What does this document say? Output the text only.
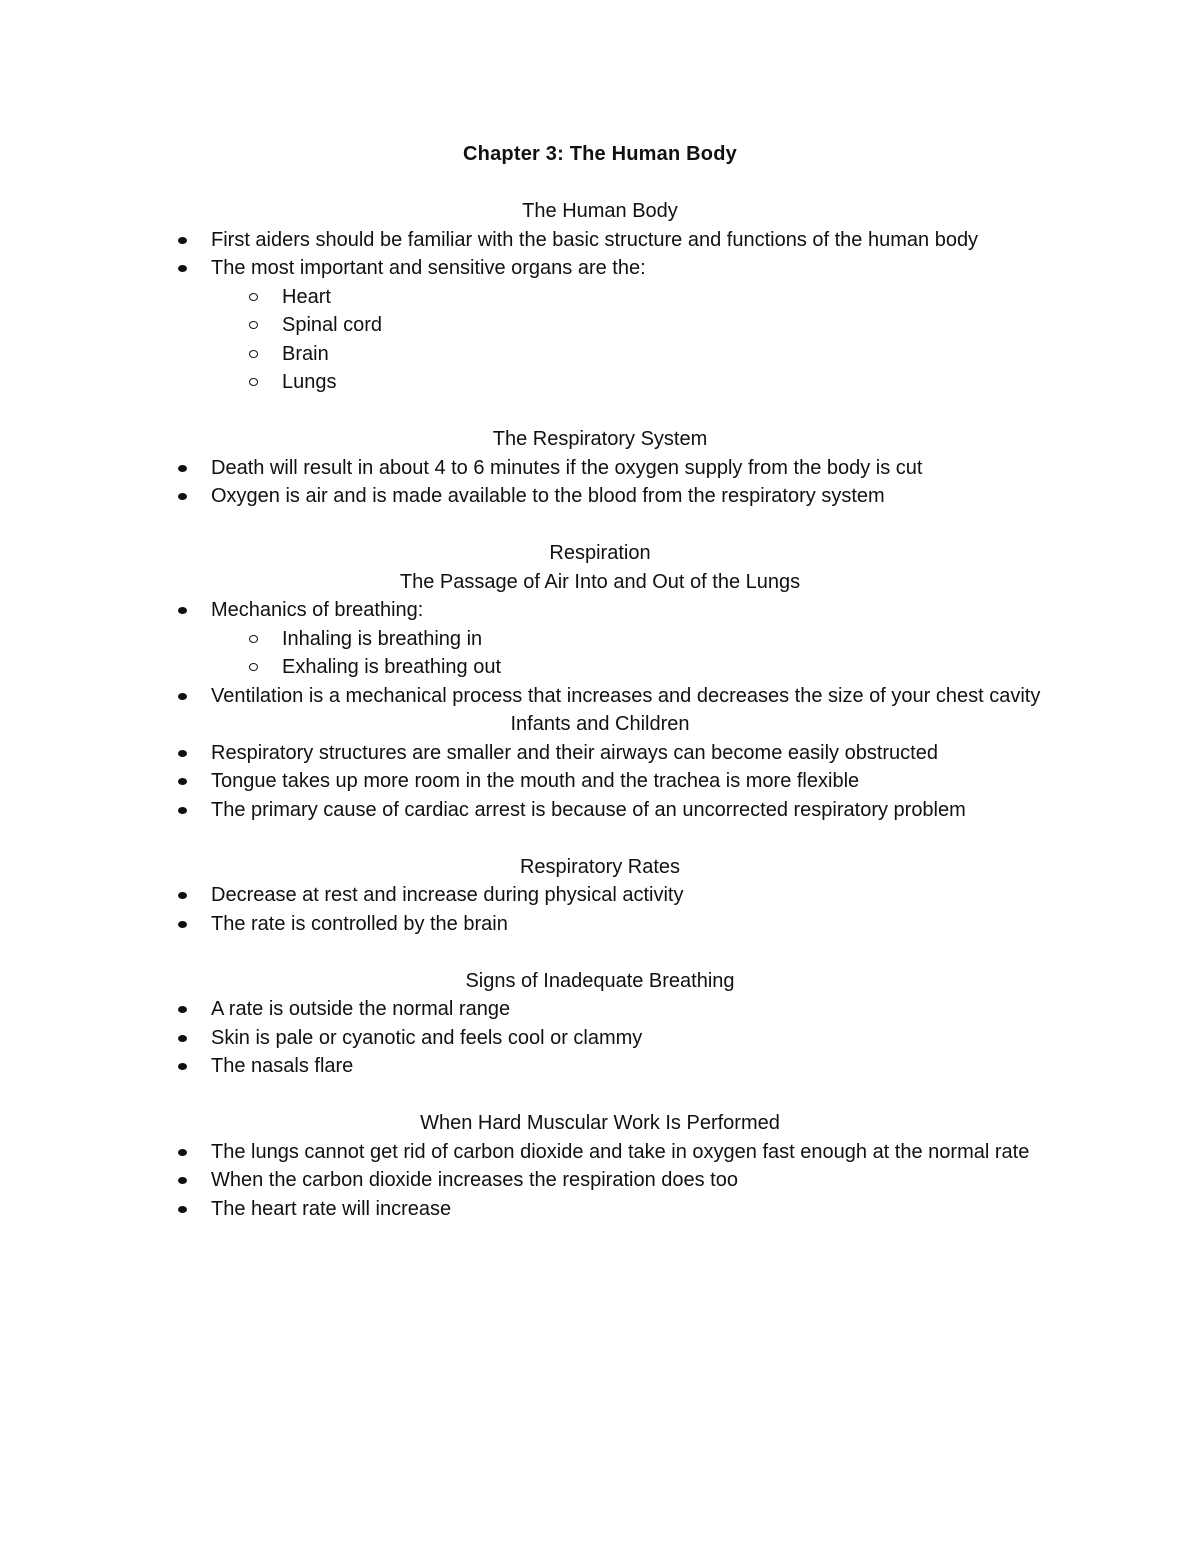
Chapter 3: The Human Body
The Human Body
First aiders should be familiar with the basic structure and functions of the human body
The most important and sensitive organs are the:
Heart
Spinal cord
Brain
Lungs
The Respiratory System
Death will result in about 4 to 6 minutes if the oxygen supply from the body is cut
Oxygen is air and is made available to the blood from the respiratory system
Respiration
The Passage of Air Into and Out of the Lungs
Mechanics of breathing:
Inhaling is breathing in
Exhaling is breathing out
Ventilation is a mechanical process that increases and decreases the size of your chest cavity
Infants and Children
Respiratory structures are smaller and their airways can become easily obstructed
Tongue takes up more room in the mouth and the trachea is more flexible
The primary cause of cardiac arrest is because of an uncorrected respiratory problem
Respiratory Rates
Decrease at rest and increase during physical activity
The rate is controlled by the brain
Signs of Inadequate Breathing
A rate is outside the normal range
Skin is pale or cyanotic and feels cool or clammy
The nasals flare
When Hard Muscular Work Is Performed
The lungs cannot get rid of carbon dioxide and take in oxygen fast enough at the normal rate
When the carbon dioxide increases the respiration does too
The heart rate will increase
